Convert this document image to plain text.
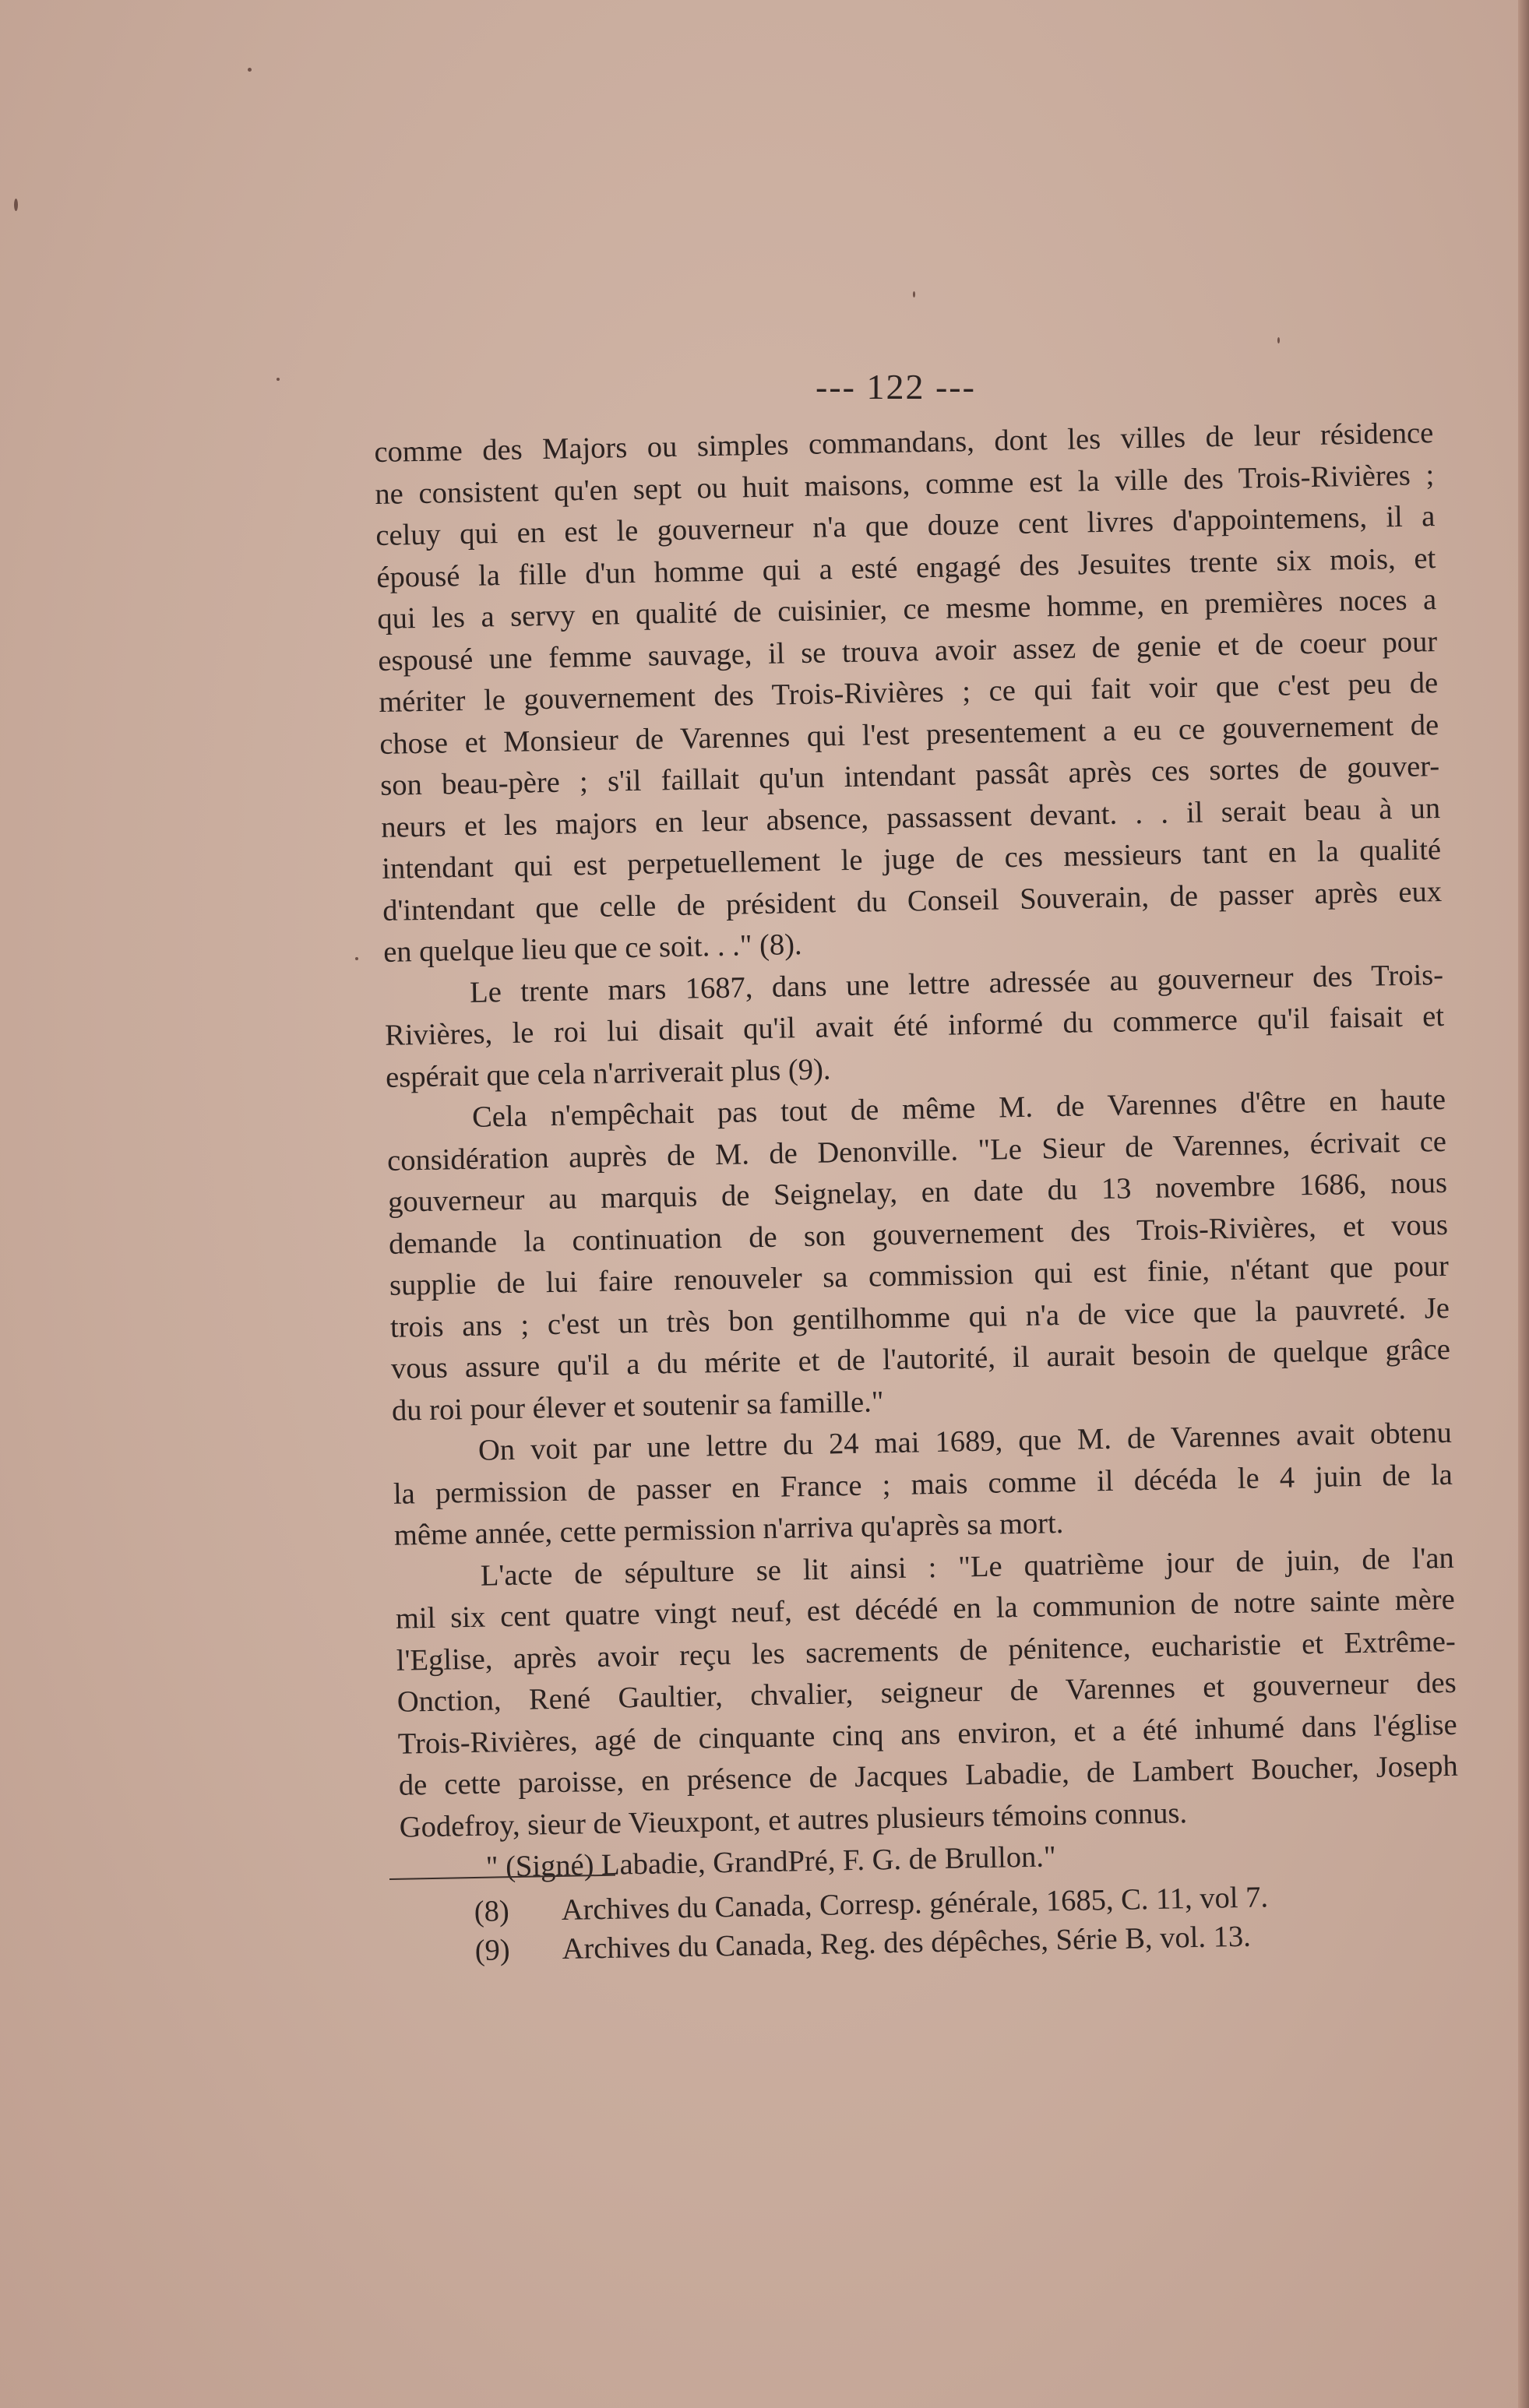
--- 122 ---
comme des Majors ou simples commandans, dont les villes de leur résidence
ne consistent qu'en sept ou huit maisons, comme est la ville des Trois-Rivières ;
celuy qui en est le gouverneur n'a que douze cent livres d'appointemens, il a
épousé la fille d'un homme qui a esté engagé des Jesuites trente six mois, et
qui les a servy en qualité de cuisinier, ce mesme homme, en premières noces a
espousé une femme sauvage, il se trouva avoir assez de genie et de coeur pour
mériter le gouvernement des Trois-Rivières ; ce qui fait voir que c'est peu de
chose et Monsieur de Varennes qui l'est presentement a eu ce gouvernement de
son beau-père ; s'il faillait qu'un intendant passât après ces sortes de gouver-
neurs et les majors en leur absence, passassent devant. . . il serait beau à un
intendant qui est perpetuellement le juge de ces messieurs tant en la qualité
d'intendant que celle de président du Conseil Souverain, de passer après eux
en quelque lieu que ce soit. . ." (8).
Le trente mars 1687, dans une lettre adressée au gouverneur des Trois-
Rivières, le roi lui disait qu'il avait été informé du commerce qu'il faisait et
espérait que cela n'arriverait plus (9).
Cela n'empêchait pas tout de même M. de Varennes d'être en haute
considération auprès de M. de Denonville. "Le Sieur de Varennes, écrivait ce
gouverneur au marquis de Seignelay, en date du 13 novembre 1686, nous
demande la continuation de son gouvernement des Trois-Rivières, et vous
supplie de lui faire renouveler sa commission qui est finie, n'étant que pour
trois ans ; c'est un très bon gentilhomme qui n'a de vice que la pauvreté. Je
vous assure qu'il a du mérite et de l'autorité, il aurait besoin de quelque grâce
du roi pour élever et soutenir sa famille."
On voit par une lettre du 24 mai 1689, que M. de Varennes avait obtenu
la permission de passer en France ; mais comme il décéda le 4 juin de la
même année, cette permission n'arriva qu'après sa mort.
L'acte de sépulture se lit ainsi : "Le quatrième jour de juin, de l'an
mil six cent quatre vingt neuf, est décédé en la communion de notre sainte mère
l'Eglise, après avoir reçu les sacrements de pénitence, eucharistie et Extrême-
Onction, René Gaultier, chvalier, seigneur de Varennes et gouverneur des
Trois-Rivières, agé de cinquante cinq ans environ, et a été inhumé dans l'église
de cette paroisse, en présence de Jacques Labadie, de Lambert Boucher, Joseph
Godefroy, sieur de Vieuxpont, et autres plusieurs témoins connus.
" (Signé) Labadie, GrandPré, F. G. de Brullon."
(8) Archives du Canada, Corresp. générale, 1685, C. 11, vol 7.
(9) Archives du Canada, Reg. des dépêches, Série B, vol. 13.
